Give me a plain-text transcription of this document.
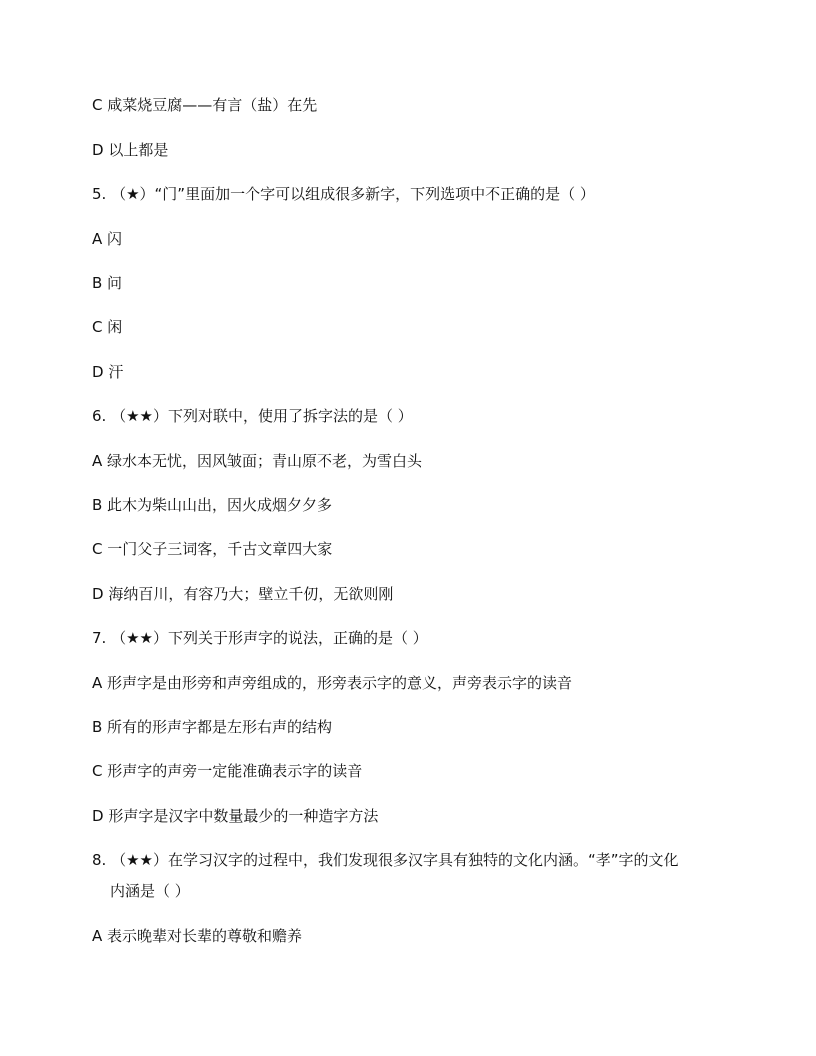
C 咸菜烧豆腐——有言（盐）在先
D 以上都是
5. （★）“门”里面加一个字可以组成很多新字，下列选项中不正确的是（ ）
A 闪
B 问
C 闲
D 汗
6. （★★）下列对联中，使用了拆字法的是（ ）
A 绿水本无忧，因风皱面；青山原不老，为雪白头
B 此木为柴山山出，因火成烟夕夕多
C 一门父子三词客，千古文章四大家
D 海纳百川，有容乃大；壁立千仞，无欲则刚
7. （★★）下列关于形声字的说法，正确的是（ ）
A 形声字是由形旁和声旁组成的，形旁表示字的意义，声旁表示字的读音
B 所有的形声字都是左形右声的结构
C 形声字的声旁一定能准确表示字的读音
D 形声字是汉字中数量最少的一种造字方法
8. （★★）在学习汉字的过程中，我们发现很多汉字具有独特的文化内涵。“孝”字的文化
内涵是（ ）
A 表示晚辈对长辈的尊敬和赡养
